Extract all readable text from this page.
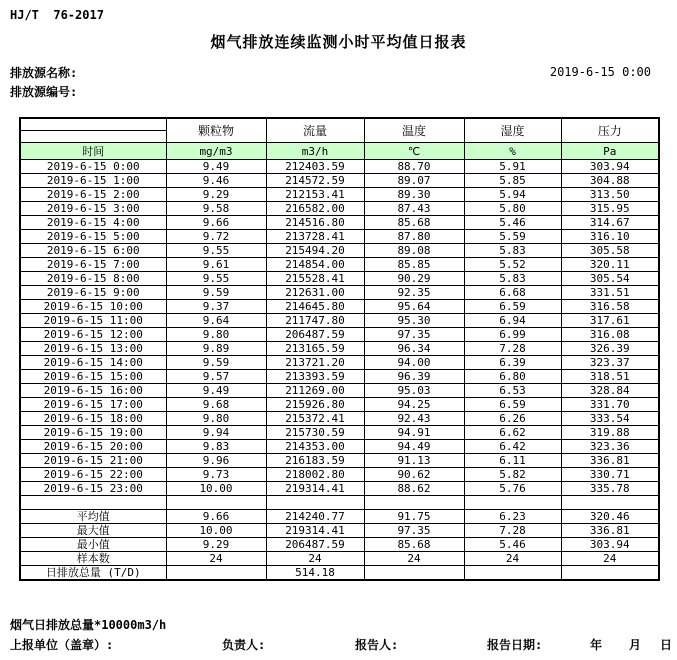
HJ/T  76-2017
烟气排放连续监测小时平均值日报表
排放源名称:
排放源编号:
2019-6-15 0:00
	颗粒物	流量	温度	湿度	压力

时间	mg/m3	m3/h	℃	%	Pa
2019-6-15 0:00	9.49	212403.59	88.70	5.91	303.94
2019-6-15 1:00	9.46	214572.59	89.07	5.85	304.88
2019-6-15 2:00	9.29	212153.41	89.30	5.94	313.50
2019-6-15 3:00	9.58	216582.00	87.43	5.80	315.95
2019-6-15 4:00	9.66	214516.80	85.68	5.46	314.67
2019-6-15 5:00	9.72	213728.41	87.80	5.59	316.10
2019-6-15 6:00	9.55	215494.20	89.08	5.83	305.58
2019-6-15 7:00	9.61	214854.00	85.85	5.52	320.11
2019-6-15 8:00	9.55	215528.41	90.29	5.83	305.54
2019-6-15 9:00	9.59	212631.00	92.35	6.68	331.51
2019-6-15 10:00	9.37	214645.80	95.64	6.59	316.58
2019-6-15 11:00	9.64	211747.80	95.30	6.94	317.61
2019-6-15 12:00	9.80	206487.59	97.35	6.99	316.08
2019-6-15 13:00	9.89	213165.59	96.34	7.28	326.39
2019-6-15 14:00	9.59	213721.20	94.00	6.39	323.37
2019-6-15 15:00	9.57	213393.59	96.39	6.80	318.51
2019-6-15 16:00	9.49	211269.00	95.03	6.53	328.84
2019-6-15 17:00	9.68	215926.80	94.25	6.59	331.70
2019-6-15 18:00	9.80	215372.41	92.43	6.26	333.54
2019-6-15 19:00	9.94	215730.59	94.91	6.62	319.88
2019-6-15 20:00	9.83	214353.00	94.49	6.42	323.36
2019-6-15 21:00	9.96	216183.59	91.13	6.11	336.81
2019-6-15 22:00	9.73	218002.80	90.62	5.82	330.71
2019-6-15 23:00	10.00	219314.41	88.62	5.76	335.78

平均值	9.66	214240.77	91.75	6.23	320.46
最大值	10.00	219314.41	97.35	7.28	336.81
最小值	9.29	206487.59	85.68	5.46	303.94
样本数	24	24	24	24	24
日排放总量 (T/D)		514.18			
烟气日排放总量*10000m3/h
上报单位（盖章）:	负责人:	报告人:	报告日期:	年 月 日
